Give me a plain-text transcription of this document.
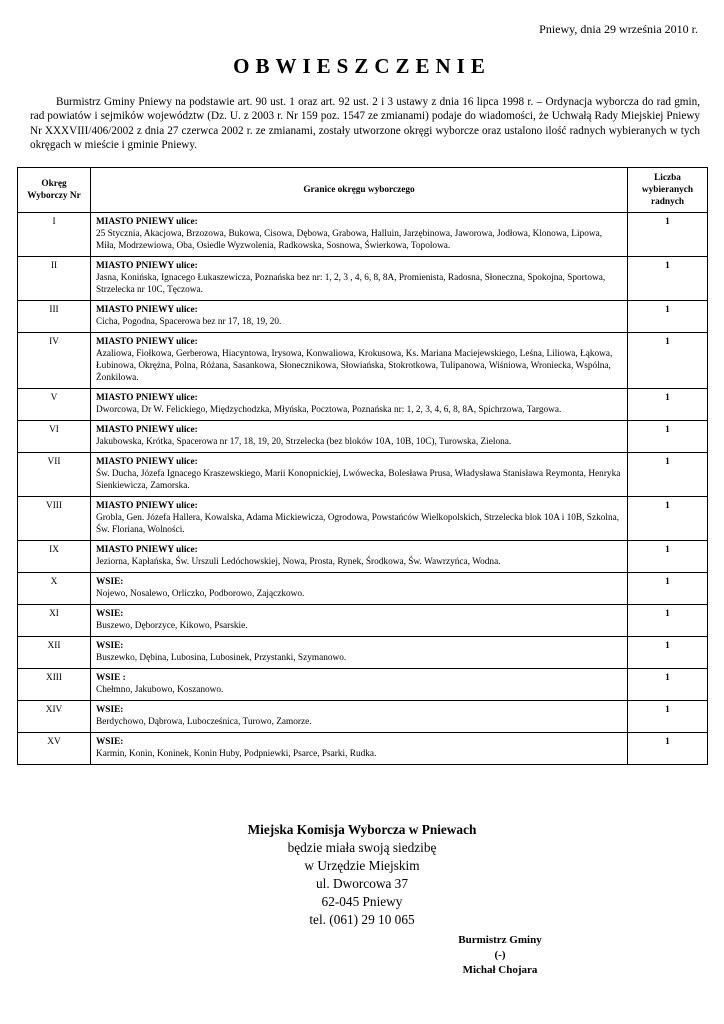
Pniewy, dnia 29 września 2010 r.
OBWIESZCZENIE

Burmistrz Gminy Pniewy na podstawie art. 90 ust. 1 oraz art. 92 ust. 2 i 3 ustawy z dnia 16 lipca 1998 r. – Ordynacja wyborcza do rad gmin, rad powiatów i sejmików województw (Dz. U. z 2003 r. Nr 159 poz. 1547 ze zmianami) podaje do wiadomości, że Uchwałą Rady Miejskiej Pniewy Nr XXXVIII/406/2002 z dnia 27 czerwca 2002 r. ze zmianami, zostały utworzone okręgi wyborcze oraz ustalono ilość radnych wybieranych w tych okręgach w mieście i gminie Pniewy.

Okręg Wyborczy Nr	Granice okręgu wyborczego	Liczba wybieranych radnych
I	MIASTO PNIEWY ulice:
25 Stycznia, Akacjowa, Brzozowa, Bukowa, Cisowa, Dębowa, Grabowa, Halluin, Jarzębinowa, Jaworowa, Jodłowa, Klonowa, Lipowa, Miła, Modrzewiowa, Oba, Osiedle Wyzwolenia, Radkowska, Sosnowa, Świerkowa, Topolowa.	1
II	MIASTO PNIEWY ulice:
Jasna, Konińska, Ignacego Łukaszewicza, Poznańska bez nr: 1, 2, 3 , 4, 6, 8, 8A, Promienista, Radosna, Słoneczna, Spokojna, Sportowa, Strzelecka nr 10C, Tęczowa.	1
III	MIASTO PNIEWY ulice:
Cicha, Pogodna, Spacerowa bez nr 17, 18, 19, 20.	1
IV	MIASTO PNIEWY ulice:
Azaliowa, Fiołkowa, Gerberowa, Hiacyntowa, Irysowa, Konwaliowa, Krokusowa, Ks. Mariana Maciejewskiego, Leśna, Liliowa, Łąkowa, Łubinowa, Okrężna, Polna, Różana, Sasankowa, Słonecznikowa, Słowiańska, Stokrotkowa, Tulipanowa, Wiśniowa, Wroniecka, Wspólna, Żonkilowa.	1
V	MIASTO PNIEWY ulice:
Dworcowa, Dr W. Felickiego, Międzychodzka, Młyńska, Pocztowa, Poznańska nr: 1, 2, 3, 4, 6, 8, 8A, Spichrzowa, Targowa.	1
VI	MIASTO PNIEWY ulice:
Jakubowska, Krótka, Spacerowa nr 17, 18, 19, 20, Strzelecka (bez bloków 10A, 10B, 10C), Turowska, Zielona.	1
VII	MIASTO PNIEWY ulice:
Św. Ducha, Józefa Ignacego Kraszewskiego, Marii Konopnickiej, Lwówecka, Bolesława Prusa, Władysława Stanisława Reymonta, Henryka Sienkiewicza, Zamorska.	1
VIII	MIASTO PNIEWY ulice:
Grobla, Gen. Józefa Hallera, Kowalska, Adama Mickiewicza, Ogrodowa, Powstańców Wielkopolskich, Strzelecka blok 10A i 10B, Szkolna, Św. Floriana, Wolności.	1
IX	MIASTO PNIEWY ulice:
Jeziorna, Kapłańska, Św. Urszuli Ledóchowskiej, Nowa, Prosta, Rynek, Środkowa, Św. Wawrzyńca, Wodna.	1
X	WSIE:
Nojewo, Nosalewo, Orliczko, Podborowo, Zajączkowo.	1
XI	WSIE:
Buszewo, Dęborzyce, Kikowo, Psarskie.	1
XII	WSIE:
Buszewko, Dębina, Lubosina, Lubosinek, Przystanki, Szymanowo.	1
XIII	WSIE :
Chełmno, Jakubowo, Koszanowo.	1
XIV	WSIE:
Berdychowo, Dąbrowa, Lubocześnica, Turowo, Zamorze.	1
XV	WSIE:
Karmin, Konin, Koninek, Konin Huby, Podpniewki, Psarce, Psarki, Rudka.	1
Miejska Komisja Wyborcza w Pniewach
będzie miała swoją siedzibę
w Urzędzie Miejskim
ul. Dworcowa 37
62-045 Pniewy
tel. (061) 29 10 065
Burmistrz Gminy
(-)
Michał Chojara
